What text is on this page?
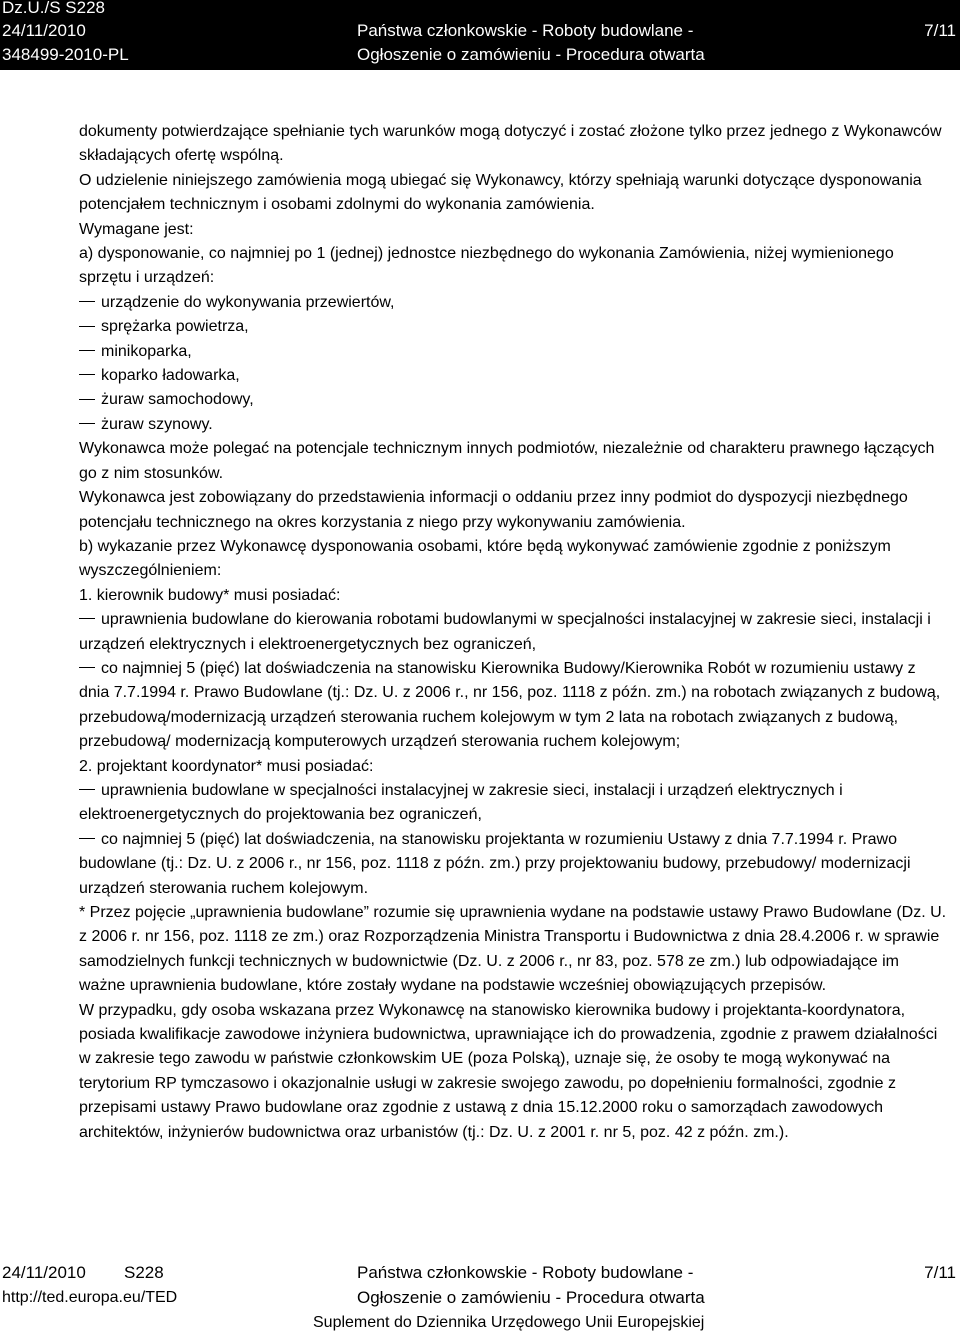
Dz.U./S S228
24/11/2010
348499-2010-PL
Państwa członkowskie - Roboty budowlane -
Ogłoszenie o zamówieniu - Procedura otwarta
7/11

dokumenty potwierdzające spełnianie tych warunków mogą dotyczyć i zostać złożone tylko przez jednego z Wykonawców składających ofertę wspólną.

O udzielenie niniejszego zamówienia mogą ubiegać się Wykonawcy, którzy spełniają warunki dotyczące dysponowania potencjałem technicznym i osobami zdolnymi do wykonania zamówienia.

Wymagane jest:

a) dysponowanie, co najmniej po 1 (jednej) jednostce niezbędnego do wykonania Zamówienia, niżej wymienionego sprzętu i urządzeń:

urządzenie do wykonywania przewiertów,

sprężarka powietrza,

minikoparka,

koparko ładowarka,

żuraw samochodowy,

żuraw szynowy.

Wykonawca może polegać na potencjale technicznym innych podmiotów, niezależnie od charakteru prawnego łączących go z nim stosunków.

Wykonawca jest zobowiązany do przedstawienia informacji o oddaniu przez inny podmiot do dyspozycji niezbędnego potencjału technicznego na okres korzystania z niego przy wykonywaniu zamówienia.

b) wykazanie przez Wykonawcę dysponowania osobami, które będą wykonywać zamówienie zgodnie z poniższym wyszczególnieniem:

1. kierownik budowy* musi posiadać:

uprawnienia budowlane do kierowania robotami budowlanymi w specjalności instalacyjnej w zakresie sieci, instalacji i urządzeń elektrycznych i elektroenergetycznych bez ograniczeń,

co najmniej 5 (pięć) lat doświadczenia na stanowisku Kierownika Budowy/Kierownika Robót w rozumieniu ustawy z dnia 7.7.1994 r. Prawo Budowlane (tj.: Dz. U. z 2006 r., nr 156, poz. 1118 z późn. zm.) na robotach związanych z budową, przebudową/modernizacją urządzeń sterowania ruchem kolejowym w tym 2 lata na robotach związanych z budową, przebudową/ modernizacją komputerowych urządzeń sterowania ruchem kolejowym;

2. projektant koordynator* musi posiadać:

uprawnienia budowlane w specjalności instalacyjnej w zakresie sieci, instalacji i urządzeń elektrycznych i elektroenergetycznych do projektowania bez ograniczeń,

co najmniej 5 (pięć) lat doświadczenia, na stanowisku projektanta w rozumieniu Ustawy z dnia 7.7.1994 r. Prawo budowlane (tj.: Dz. U. z 2006 r., nr 156, poz. 1118 z późn. zm.) przy projektowaniu budowy, przebudowy/ modernizacji urządzeń sterowania ruchem kolejowym.

* Przez pojęcie „uprawnienia budowlane” rozumie się uprawnienia wydane na podstawie ustawy Prawo Budowlane (Dz. U. z 2006 r. nr 156, poz. 1118 ze zm.) oraz Rozporządzenia Ministra Transportu i Budownictwa z dnia 28.4.2006 r. w sprawie samodzielnych funkcji technicznych w budownictwie (Dz. U. z 2006 r., nr 83, poz. 578 ze zm.) lub odpowiadające im ważne uprawnienia budowlane, które zostały wydane na podstawie wcześniej obowiązujących przepisów.

W przypadku, gdy osoba wskazana przez Wykonawcę na stanowisko kierownika budowy i projektanta-koordynatora, posiada kwalifikacje zawodowe inżyniera budownictwa, uprawniające ich do prowadzenia, zgodnie z prawem działalności w zakresie tego zawodu w państwie członkowskim UE (poza Polską), uznaje się, że osoby te mogą wykonywać na terytorium RP tymczasowo i okazjonalnie usługi w zakresie swojego zawodu, po dopełnieniu formalności, zgodnie z przepisami ustawy Prawo budowlane oraz zgodnie z ustawą z dnia 15.12.2000 roku o samorządach zawodowych architektów, inżynierów budownictwa oraz urbanistów (tj.: Dz. U. z 2001 r. nr 5, poz. 42 z późn. zm.).

24/11/2010 S228
http://ted.europa.eu/TED
Państwa członkowskie - Roboty budowlane -
Ogłoszenie o zamówieniu - Procedura otwarta
Suplement do Dziennika Urzędowego Unii Europejskiej
7/11
